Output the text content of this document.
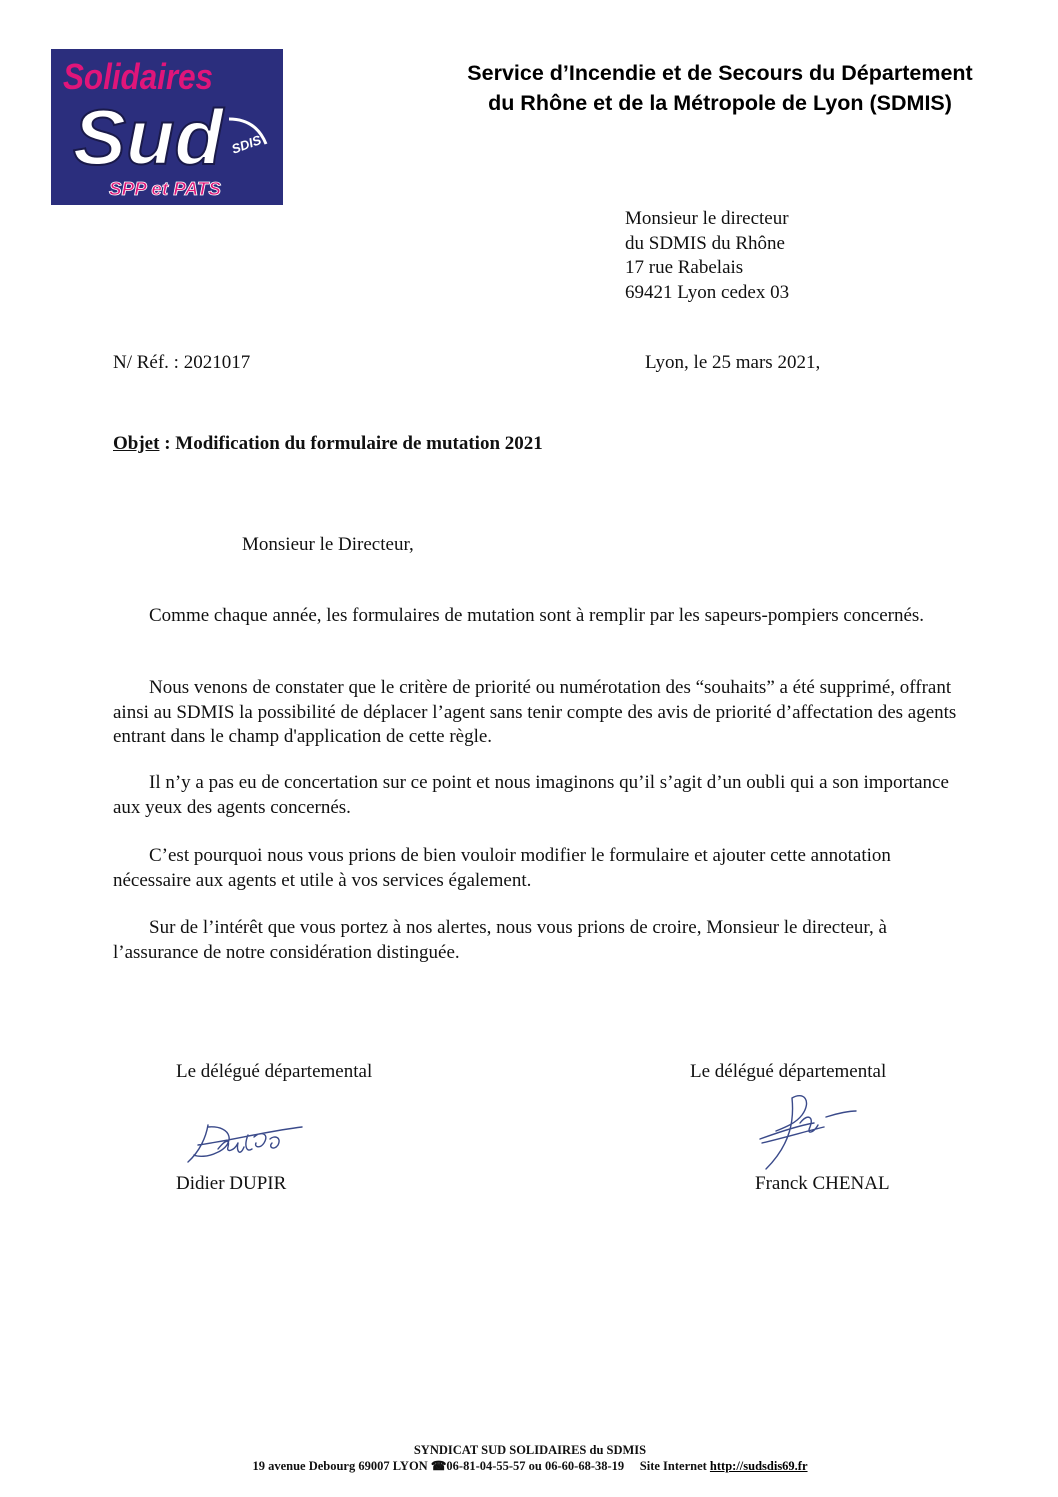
Solidaires
Sud SDIS
SPP et PATS
Service d’Incendie et de Secours du Département
du Rhône et de la Métropole de Lyon (SDMIS)
Monsieur le directeur
du SDMIS du Rhône
17 rue Rabelais
69421 Lyon cedex 03
N/ Réf. : 2021017	Lyon, le 25 mars 2021,
Objet : Modification du formulaire de mutation 2021
Monsieur le Directeur,
Comme chaque année, les formulaires de mutation sont à remplir par les sapeurs-pompiers concernés.
Nous venons de constater que le critère de priorité ou numérotation des “souhaits” a été supprimé, offrant ainsi au SDMIS la possibilité de déplacer l’agent sans tenir compte des avis de priorité d’affectation des agents entrant dans le champ d'application de cette règle.
Il n’y a pas eu de concertation sur ce point et nous imaginons qu’il s’agit d’un oubli qui a son importance aux yeux des agents concernés.
C’est pourquoi nous vous prions de bien vouloir modifier le formulaire et ajouter cette annotation nécessaire aux agents et utile à vos services également.
Sur de l’intérêt que vous portez à nos alertes, nous vous prions de croire, Monsieur le directeur, à l’assurance de notre considération distinguée.
Le délégué départemental	Le délégué départemental
Didier DUPIR	Franck CHENAL
SYNDICAT SUD SOLIDAIRES du SDMIS
19 avenue Debourg 69007 LYON ☎06-81-04-55-57 ou 06-60-68-38-19 Site Internet http://sudsdis69.fr
